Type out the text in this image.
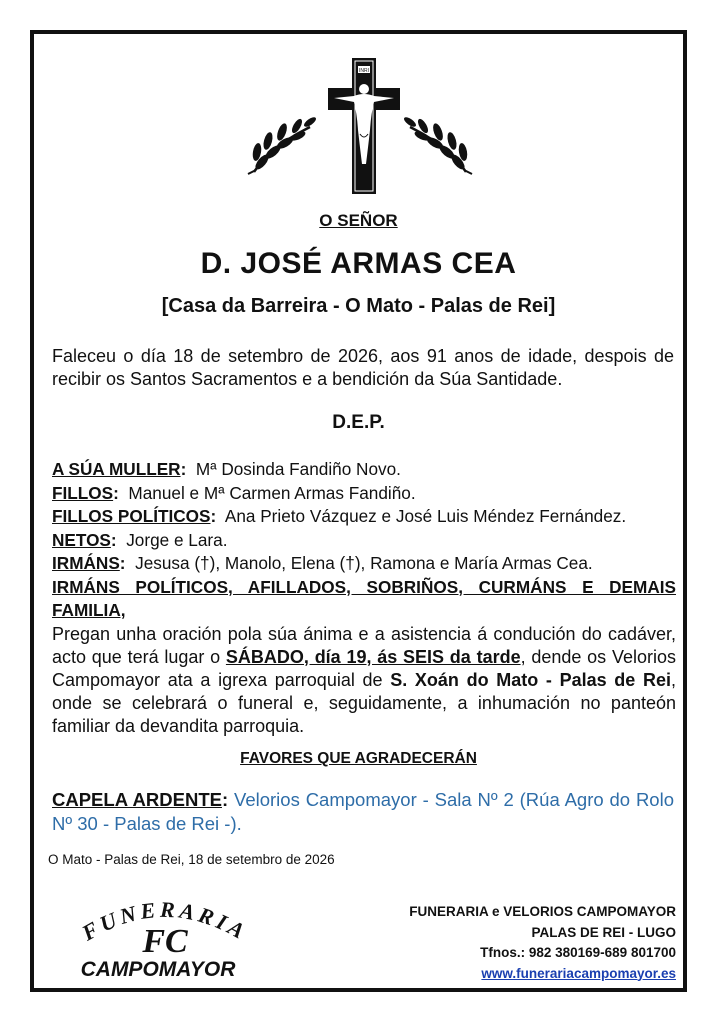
INRI
O SEÑOR
D. JOSÉ ARMAS CEA
[Casa da Barreira - O Mato - Palas de Rei]
Faleceu o día 18 de setembro de 2026, aos 91 anos de idade, despois de recibir os Santos Sacramentos e a bendición da Súa Santidade.
D.E.P.
A SÚA MULLER: Mª Dosinda Fandiño Novo.
FILLOS: Manuel e Mª Carmen Armas Fandiño.
FILLOS POLÍTICOS: Ana Prieto Vázquez e José Luis Méndez Fernández.
NETOS: Jorge e Lara.
IRMÁNS: Jesusa (†), Manolo, Elena (†), Ramona e María Armas Cea.
IRMÁNS POLÍTICOS, AFILLADOS, SOBRIÑOS, CURMÁNS E DEMAIS FAMILIA,
Pregan unha oración pola súa ánima e a asistencia á condución do cadáver, acto que terá lugar o SÁBADO, día 19, ás SEIS da tarde, dende os Velorios Campomayor ata a igrexa parroquial de S. Xoán do Mato - Palas de Rei, onde se celebrará o funeral e, seguidamente, a inhumación no panteón familiar da devandita parroquia.
FAVORES QUE AGRADECERÁN
CAPELA ARDENTE: Velorios Campomayor - Sala Nº 2 (Rúa Agro do Rolo Nº 30 - Palas de Rei -).
O Mato - Palas de Rei, 18 de setembro de 2026
FUNERARIA
FC
CAMPOMAYOR
FUNERARIA e VELORIOS CAMPOMAYOR
PALAS DE REI - LUGO
Tfnos.: 982 380169-689 801700
www.funerariacampomayor.es
